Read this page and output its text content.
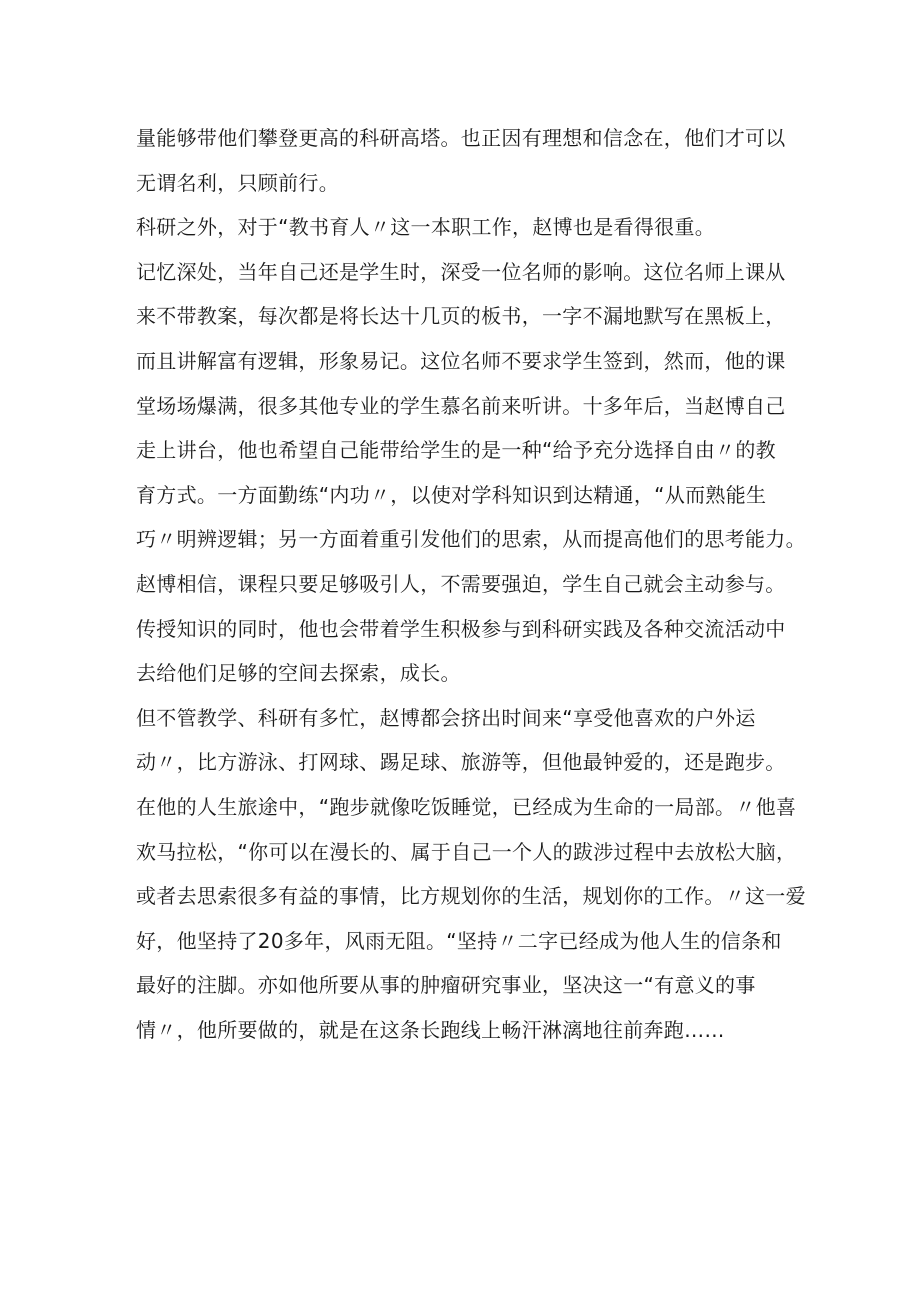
量能够带他们攀登更高的科研高塔。也正因有理想和信念在，他们才可以
无谓名利，只顾前行。
科研之外，对于“教书育人〃这一本职工作，赵博也是看得很重。
记忆深处，当年自己还是学生时，深受一位名师的影响。这位名师上课从
来不带教案，每次都是将长达十几页的板书，一字不漏地默写在黑板上，
而且讲解富有逻辑，形象易记。这位名师不要求学生签到，然而，他的课
堂场场爆满，很多其他专业的学生慕名前来听讲。十多年后，当赵博自己
走上讲台，他也希望自己能带给学生的是一种“给予充分选择自由〃的教
育方式。一方面勤练“内功〃，以使对学科知识到达精通，“从而熟能生
巧〃明辨逻辑；另一方面着重引发他们的思索，从而提高他们的思考能力。
赵博相信，课程只要足够吸引人，不需要强迫，学生自己就会主动参与。
传授知识的同时，他也会带着学生积极参与到科研实践及各种交流活动中
去给他们足够的空间去探索，成长。
但不管教学、科研有多忙，赵博都会挤出时间来“享受他喜欢的户外运
动〃，比方游泳、打网球、踢足球、旅游等，但他最钟爱的，还是跑步。
在他的人生旅途中，“跑步就像吃饭睡觉，已经成为生命的一局部。〃他喜
欢马拉松，“你可以在漫长的、属于自己一个人的跋涉过程中去放松大脑，
或者去思索很多有益的事情，比方规划你的生活，规划你的工作。〃这一爱
好，他坚持了20多年，风雨无阻。“坚持〃二字已经成为他人生的信条和
最好的注脚。亦如他所要从事的肿瘤研究事业，坚决这一“有意义的事
情〃，他所要做的，就是在这条长跑线上畅汗淋漓地往前奔跑……
